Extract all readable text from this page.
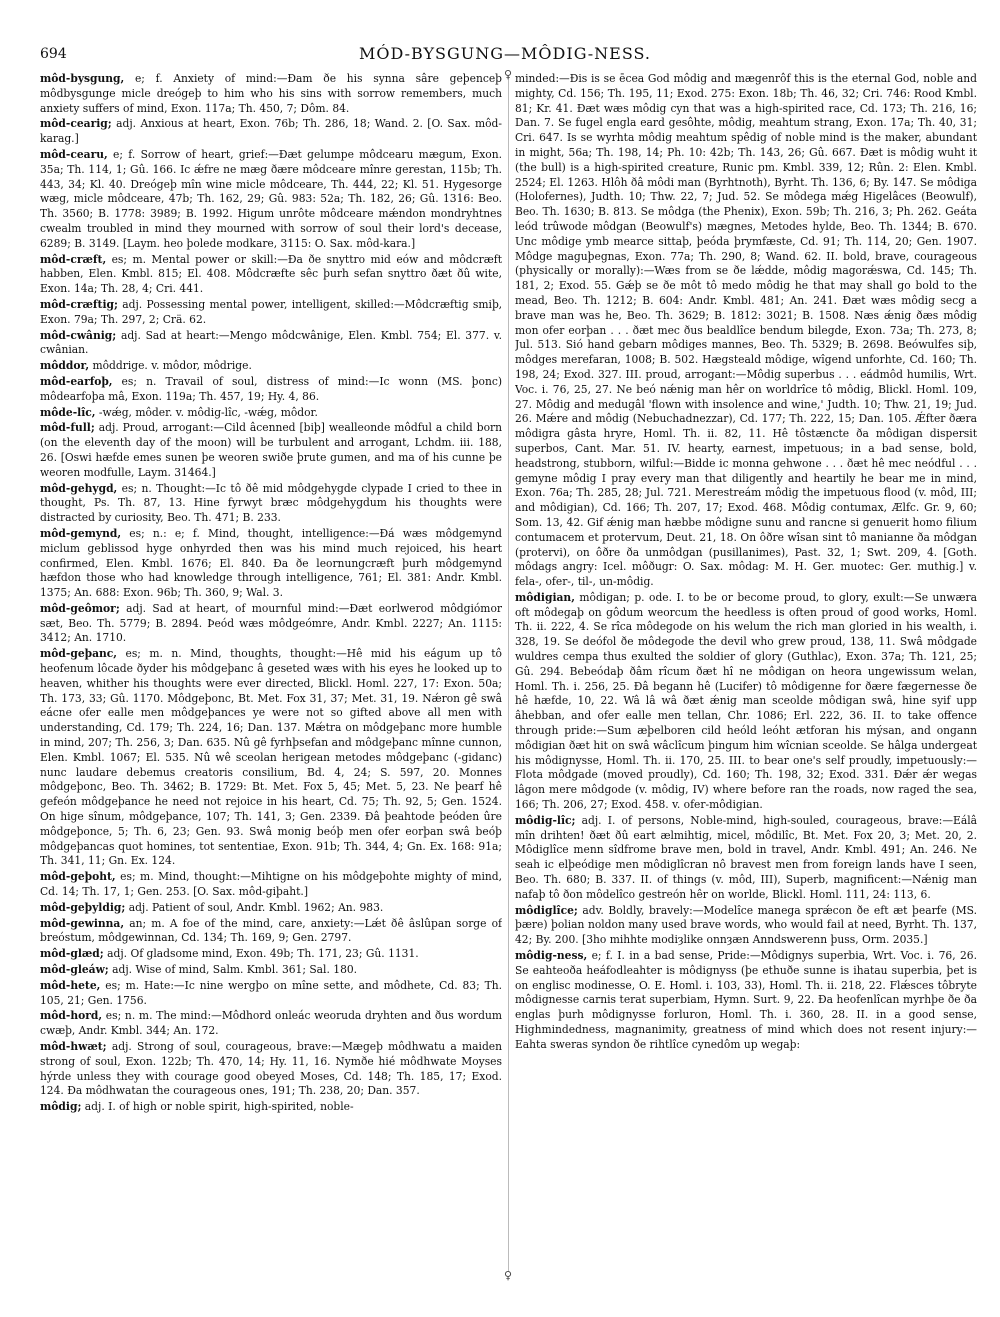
694	MÓD-BYSGUNG—MÔDIG-NESS.

môd-bysgung, e; f. Anxiety of mind:—Ðam ðe his synna sâre geþenceþ môdbysgunge micle dreógeþ to him who his sins with sorrow remembers, much anxiety suffers of mind, Exon. 117a; Th. 450, 7; Dôm. 84.

môd-cearig; adj. Anxious at heart, Exon. 76b; Th. 286, 18; Wand. 2. [O. Sax. môd-karag.]

môd-cearu, e; f. Sorrow of heart, grief:—Ðæt gelumpe môdcearu mægum, Exon. 35a; Th. 114, 1; Gû. 166. Ic ǽfre ne mæg ðære môdceare mînre gerestan, 115b; Th. 443, 34; Kl. 40. Dreógeþ mîn wine micle môdceare, Th. 444, 22; Kl. 51. Hygesorge wæg, micle môdceare, 47b; Th. 162, 29; Gû. 983: 52a; Th. 182, 26; Gû. 1316: Beo. Th. 3560; B. 1778: 3989; B. 1992. Higum unrôte môdceare mǽndon mondryhtnes cwealm troubled in mind they mourned with sorrow of soul their lord's decease, 6289; B. 3149. [Laym. heo þolede modkare, 3115: O. Sax. môd-kara.]

môd-cræft, es; m. Mental power or skill:—Ða ðe snyttro mid eów and môdcræft habben, Elen. Kmbl. 815; El. 408. Môdcræfte sêc þurh sefan snyttro ðæt ðû wite, Exon. 14a; Th. 28, 4; Cri. 441.

môd-cræftig; adj. Possessing mental power, intelligent, skilled:—Môdcræftig smiþ, Exon. 79a; Th. 297, 2; Crä. 62.

môd-cwânig; adj. Sad at heart:—Mengo môdcwânige, Elen. Kmbl. 754; El. 377. v. cwânian.

môddor, môddrige. v. môdor, môdrige.

môd-earfoþ, es; n. Travail of soul, distress of mind:—Ic wonn (MS. þonc) môdearfoþa mâ, Exon. 119a; Th. 457, 19; Hy. 4, 86.

môde-lîc, -wǽg, môder. v. môdig-lîc, -wǽg, môdor.

môd-full; adj. Proud, arrogant:—Cild âcenned [biþ] wealleonde môdful a child born (on the eleventh day of the moon) will be turbulent and arrogant, Lchdm. iii. 188, 26. [Oswi hæfde emes sunen þe weoren swiðe þrute gumen, and ma of his cunne þe weoren modfulle, Laym. 31464.]

môd-gehygd, es; n. Thought:—Ic tô ðê mid môdgehygde clypade I cried to thee in thought, Ps. Th. 87, 13. Hine fyrwyt bræc môdgehygdum his thoughts were distracted by curiosity, Beo. Th. 471; B. 233.

môd-gemynd, es; n.: e; f. Mind, thought, intelligence:—Ðá wæs môdgemynd miclum geblissod hyge onhyrded then was his mind much rejoiced, his heart confirmed, Elen. Kmbl. 1676; El. 840. Ða ðe leornungcræft þurh môdgemynd hæfdon those who had knowledge through intelligence, 761; El. 381: Andr. Kmbl. 1375; An. 688: Exon. 96b; Th. 360, 9; Wal. 3.

môd-geômor; adj. Sad at heart, of mournful mind:—Ðæt eorlwerod môdgiómor sæt, Beo. Th. 5779; B. 2894. Þeód wæs môdgeómre, Andr. Kmbl. 2227; An. 1115: 3412; An. 1710.

môd-geþanc, es; m. n. Mind, thoughts, thought:—Hê mid his eágum up tô heofenum lôcade ðyder his môdgeþanc â geseted wæs with his eyes he looked up to heaven, whither his thoughts were ever directed, Blickl. Homl. 227, 17: Exon. 50a; Th. 173, 33; Gû. 1170. Môdgeþonc, Bt. Met. Fox 31, 37; Met. 31, 19. Nǽron gê swâ eácne ofer ealle men môdgeþances ye were not so gifted above all men with understanding, Cd. 179; Th. 224, 16; Dan. 137. Mǽtra on môdgeþanc more humble in mind, 207; Th. 256, 3; Dan. 635. Nû gê fyrhþsefan and môdgeþanc mînne cunnon, Elen. Kmbl. 1067; El. 535. Nû wê sceolan herigean metodes môdgeþanc (-gidanc) nunc laudare debemus creatoris consilium, Bd. 4, 24; S. 597, 20. Monnes môdgeþonc, Beo. Th. 3462; B. 1729: Bt. Met. Fox 5, 45; Met. 5, 23. Ne þearf hê gefeón môdgeþance he need not rejoice in his heart, Cd. 75; Th. 92, 5; Gen. 1524. On hige sînum, môdgeþance, 107; Th. 141, 3; Gen. 2339. Ðâ þeahtode þeóden ûre môdgeþonce, 5; Th. 6, 23; Gen. 93. Swâ monig beóþ men ofer eorþan swâ beóþ môdgeþancas quot homines, tot sententiae, Exon. 91b; Th. 344, 4; Gn. Ex. 168: 91a; Th. 341, 11; Gn. Ex. 124.

môd-geþoht, es; m. Mind, thought:—Mihtigne on his môdgeþohte mighty of mind, Cd. 14; Th. 17, 1; Gen. 253. [O. Sax. môd-giþaht.]

môd-geþyldig; adj. Patient of soul, Andr. Kmbl. 1962; An. 983.

môd-gewinna, an; m. A foe of the mind, care, anxiety:—Lǽt ðê âslûpan sorge of breóstum, môdgewinnan, Cd. 134; Th. 169, 9; Gen. 2797.

môd-glæd; adj. Of gladsome mind, Exon. 49b; Th. 171, 23; Gû. 1131.

môd-gleáw; adj. Wise of mind, Salm. Kmbl. 361; Sal. 180.

môd-hete, es; m. Hate:—Ic nine wergþo on mîne sette, and môdhete, Cd. 83; Th. 105, 21; Gen. 1756.

môd-hord, es; n. m. The mind:—Môdhord onleác weoruda dryhten and ðus wordum cwæþ, Andr. Kmbl. 344; An. 172.

môd-hwæt; adj. Strong of soul, courageous, brave:—Mægeþ môdhwatu a maiden strong of soul, Exon. 122b; Th. 470, 14; Hy. 11, 16. Nymðe hié môdhwate Moyses hýrde unless they with courage good obeyed Moses, Cd. 148; Th. 185, 17; Exod. 124. Ða môdhwatan the courageous ones, 191; Th. 238, 20; Dan. 357.

môdig; adj. I. of high or noble spirit, high-spirited, noble-

♀
♀

minded:—Ðis is se ēcea God môdig and mægenrôf this is the eternal God, noble and mighty, Cd. 156; Th. 195, 11; Exod. 275: Exon. 18b; Th. 46, 32; Cri. 746: Rood Kmbl. 81; Kr. 41. Ðæt wæs môdig cyn that was a high-spirited race, Cd. 173; Th. 216, 16; Dan. 7. Se fugel engla eard gesôhte, môdig, meahtum strang, Exon. 17a; Th. 40, 31; Cri. 647. Is se wyrhta môdig meahtum spêdig of noble mind is the maker, abundant in might, 56a; Th. 198, 14; Ph. 10: 42b; Th. 143, 26; Gû. 667. Ðæt is môdig wuht it (the bull) is a high-spirited creature, Runic pm. Kmbl. 339, 12; Rûn. 2: Elen. Kmbl. 2524; El. 1263. Hlôh ðâ môdi man (Byrhtnoth), Byrht. Th. 136, 6; By. 147. Se môdiga (Holofernes), Judth. 10; Thw. 22, 7; Jud. 52. Se môdega mǽg Higelâces (Beowulf), Beo. Th. 1630; B. 813. Se môdga (the Phenix), Exon. 59b; Th. 216, 3; Ph. 262. Geáta leód trûwode môdgan (Beowulf's) mægnes, Metodes hylde, Beo. Th. 1344; B. 670. Unc môdige ymb mearce sittaþ, þeóda þrymfæste, Cd. 91; Th. 114, 20; Gen. 1907. Môdge maguþegnas, Exon. 77a; Th. 290, 8; Wand. 62. II. bold, brave, courageous (physically or morally):—Wæs from se ðe lǽdde, môdig magorǽswa, Cd. 145; Th. 181, 2; Exod. 55. Gǽþ se ðe môt tô medo môdig he that may shall go bold to the mead, Beo. Th. 1212; B. 604: Andr. Kmbl. 481; An. 241. Ðæt wæs môdig secg a brave man was he, Beo. Th. 3629; B. 1812: 3021; B. 1508. Næs ǽnig ðæs môdig mon ofer eorþan . . . ðæt mec ðus bealdlîce bendum bilegde, Exon. 73a; Th. 273, 8; Jul. 513. Sió hand gebarn môdiges mannes, Beo. Th. 5329; B. 2698. Beówulfes siþ, môdges merefaran, 1008; B. 502. Hægsteald môdige, wîgend unforhte, Cd. 160; Th. 198, 24; Exod. 327. III. proud, arrogant:—Môdig superbus . . . eádmôd humilis, Wrt. Voc. i. 76, 25, 27. Ne beó nǽnig man hêr on worldrîce tô môdig, Blickl. Homl. 109, 27. Môdig and medugâl 'flown with insolence and wine,' Judth. 10; Thw. 21, 19; Jud. 26. Mǽre and môdig (Nebuchadnezzar), Cd. 177; Th. 222, 15; Dan. 105. Ǽfter ðæra môdigra gâsta hryre, Homl. Th. ii. 82, 11. Hê tôstæncte ða môdigan dispersit superbos, Cant. Mar. 51. IV. hearty, earnest, impetuous; in a bad sense, bold, headstrong, stubborn, wilful:—Bidde ic monna gehwone . . . ðæt hê mec neódful . . . gemyne môdig I pray every man that diligently and heartily he bear me in mind, Exon. 76a; Th. 285, 28; Jul. 721. Merestreám môdig the impetuous flood (v. môd, III; and môdigian), Cd. 166; Th. 207, 17; Exod. 468. Môdig contumax, Ælfc. Gr. 9, 60; Som. 13, 42. Gif ǽnig man hæbbe môdigne sunu and rancne si genuerit homo filium contumacem et protervum, Deut. 21, 18. On ôðre wîsan sint tô manianne ða môdgan (protervi), on ôðre ða unmôdgan (pusillanimes), Past. 32, 1; Swt. 209, 4. [Goth. môdags angry: Icel. môðugr: O. Sax. môdag: M. H. Ger. muotec: Ger. muthig.] v. fela-, ofer-, til-, un-môdig.

môdigian, môdigan; p. ode. I. to be or become proud, to glory, exult:—Se unwæra oft môdegaþ on gôdum weorcum the heedless is often proud of good works, Homl. Th. ii. 222, 4. Se rîca môdegode on his welum the rich man gloried in his wealth, i. 328, 19. Se deófol ðe môdegode the devil who grew proud, 138, 11. Swâ môdgade wuldres cempa thus exulted the soldier of glory (Guthlac), Exon. 37a; Th. 121, 25; Gû. 294. Bebeódaþ ðâm rîcum ðæt hî ne môdigan on heora ungewissum welan, Homl. Th. i. 256, 25. Ðâ begann hê (Lucifer) tô môdigenne for ðære fægernesse ðe hê hæfde, 10, 22. Wâ lâ wâ ðæt ǽnig man sceolde môdigan swâ, hine syif upp âhebban, and ofer ealle men tellan, Chr. 1086; Erl. 222, 36. II. to take offence through pride:—Sum æþelboren cild heóld leóht ætforan his mýsan, and ongann môdigian ðæt hit on swâ wâclîcum þingum him wîcnian sceolde. Se hâlga undergeat his môdignysse, Homl. Th. ii. 170, 25. III. to bear one's self proudly, impetuously:—Flota môdgade (moved proudly), Cd. 160; Th. 198, 32; Exod. 331. Ðǽr ǽr wegas lâgon mere môdgode (v. môdig, IV) where before ran the roads, now raged the sea, 166; Th. 206, 27; Exod. 458. v. ofer-môdigian.

môdig-lîc; adj. I. of persons, Noble-mind, high-souled, courageous, brave:—Eálâ mîn drihten! ðæt ðû eart ælmihtig, micel, môdilîc, Bt. Met. Fox 20, 3; Met. 20, 2. Môdiglîce menn sîdfrome brave men, bold in travel, Andr. Kmbl. 491; An. 246. Ne seah ic elþeódige men môdiglîcran nô bravest men from foreign lands have I seen, Beo. Th. 680; B. 337. II. of things (v. môd, III), Superb, magnificent:—Nǽnig man nafaþ tô ðon môdelîco gestreón hêr on worlde, Blickl. Homl. 111, 24: 113, 6.

môdiglîce; adv. Boldly, bravely:—Modelîce manega sprǽcon ðe eft æt þearfe (MS. þære) þolian noldon many used brave words, who would fail at need, Byrht. Th. 137, 42; By. 200. [3ho mihhte modiȝlike onnȝæn Anndswerenn þuss, Orm. 2035.]

môdig-ness, e; f. I. in a bad sense, Pride:—Môdignys superbia, Wrt. Voc. i. 76, 26. Se eahteoða heáfodleahter is môdignyss (þe ethuðe sunne is ihatau superbia, þet is on englisc modinesse, O. E. Homl. i. 103, 33), Homl. Th. ii. 218, 22. Flǽsces tôbryte môdignesse carnis terat superbiam, Hymn. Surt. 9, 22. Ða heofenlîcan myrhþe ðe ða englas þurh môdignysse forluron, Homl. Th. i. 360, 28. II. in a good sense, Highmindedness, magnanimity, greatness of mind which does not resent injury:—Eahta sweras syndon ðe rihtlîce cynedôm up wegaþ:
